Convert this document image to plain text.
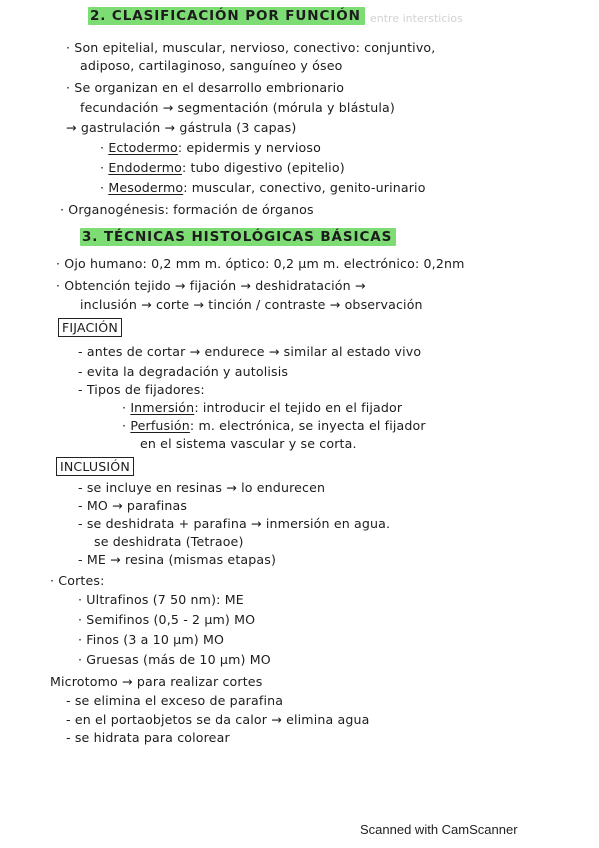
entre intersticios
2. CLASIFICACIÓN POR FUNCIÓN
· Son epitelial, muscular, nervioso, conectivo: conjuntivo,
adiposo, cartilaginoso, sanguíneo y óseo
· Se organizan en el desarrollo embrionario
fecundación → segmentación (mórula y blástula)
→ gastrulación → gástrula (3 capas)
· Ectodermo: epidermis y nervioso
· Endodermo: tubo digestivo (epitelio)
· Mesodermo: muscular, conectivo, genito-urinario
· Organogénesis: formación de órganos
3. TÉCNICAS HISTOLÓGICAS BÁSICAS
· Ojo humano: 0,2 mm m. óptico: 0,2 µm m. electrónico: 0,2nm
· Obtención tejido → fijación → deshidratación →
inclusión → corte → tinción / contraste → observación
FIJACIÓN
- antes de cortar → endurece → similar al estado vivo
- evita la degradación y autolisis
- Tipos de fijadores:
· Inmersión: introducir el tejido en el fijador
· Perfusión: m. electrónica, se inyecta el fijador
en el sistema vascular y se corta.
INCLUSIÓN
- se incluye en resinas → lo endurecen
- MO → parafinas
- se deshidrata + parafina → inmersión en agua.
se deshidrata (Tetraoe)
- ME → resina (mismas etapas)
· Cortes:
· Ultrafinos (7 50 nm): ME
· Semifinos (0,5 - 2 µm) MO
· Finos (3 a 10 µm) MO
· Gruesas (más de 10 µm) MO
Microtomo → para realizar cortes
- se elimina el exceso de parafina
- en el portaobjetos se da calor → elimina agua
- se hidrata para colorear
Scanned with CamScanner
